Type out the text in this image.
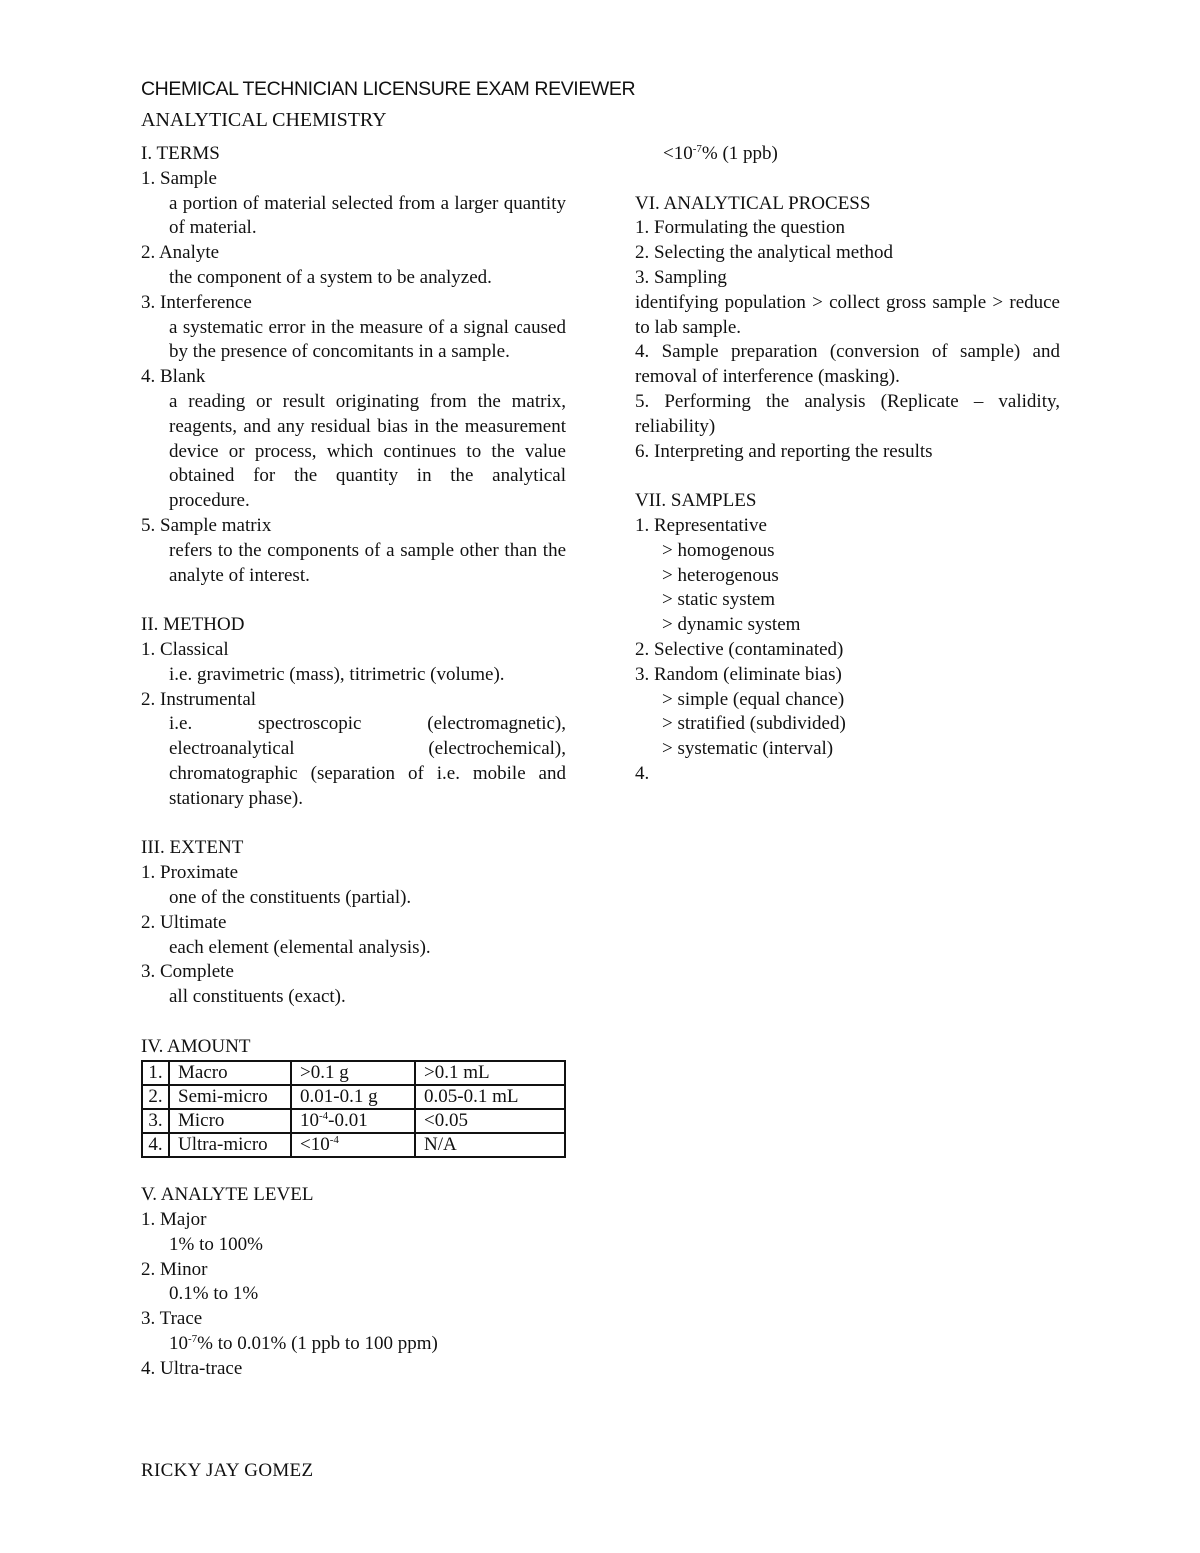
CHEMICAL TECHNICIAN LICENSURE EXAM REVIEWER
ANALYTICAL CHEMISTRY
I. TERMS
1. Sample
a portion of material selected from a larger quantity of material.
2. Analyte
the component of a system to be analyzed.
3. Interference
a systematic error in the measure of a signal caused by the presence of concomitants in a sample.
4. Blank
a reading or result originating from the matrix, reagents, and any residual bias in the measurement device or process, which continues to the value obtained for the quantity in the analytical procedure.
5. Sample matrix
refers to the components of a sample other than the analyte of interest.
II. METHOD
1. Classical
i.e. gravimetric (mass), titrimetric (volume).
2. Instrumental
i.e. spectroscopic (electromagnetic), electroanalytical (electrochemical), chromatographic (separation of i.e. mobile and stationary phase).
III. EXTENT
1. Proximate
one of the constituents (partial).
2. Ultimate
each element (elemental analysis).
3. Complete
all constituents (exact).
IV. AMOUNT
1.	Macro	>0.1 g	>0.1 mL
2.	Semi-micro	0.01-0.1 g	0.05-0.1 mL
3.	Micro	$10^{-4}-0.01$	<0.05
4.	Ultra-micro	$<10^{-4}$	N/A
V. ANALYTE LEVEL
1. Major
1% to 100%
2. Minor
0.1% to 1%
3. Trace
$10^{-7}\%$ to 0.01% (1 ppb to 100 ppm)
4. Ultra-trace
$<10^{-7}\%$ (1 ppb)
VI. ANALYTICAL PROCESS
1. Formulating the question
2. Selecting the analytical method
3. Sampling
identifying population > collect gross sample > reduce to lab sample.
4. Sample preparation (conversion of sample) and removal of interference (masking).
5. Performing the analysis (Replicate – validity, reliability)
6. Interpreting and reporting the results
VII. SAMPLES
1. Representative
> homogenous
> heterogenous
> static system
> dynamic system
2. Selective (contaminated)
3. Random (eliminate bias)
> simple (equal chance)
> stratified (subdivided)
> systematic (interval)
4.
RICKY JAY GOMEZ
